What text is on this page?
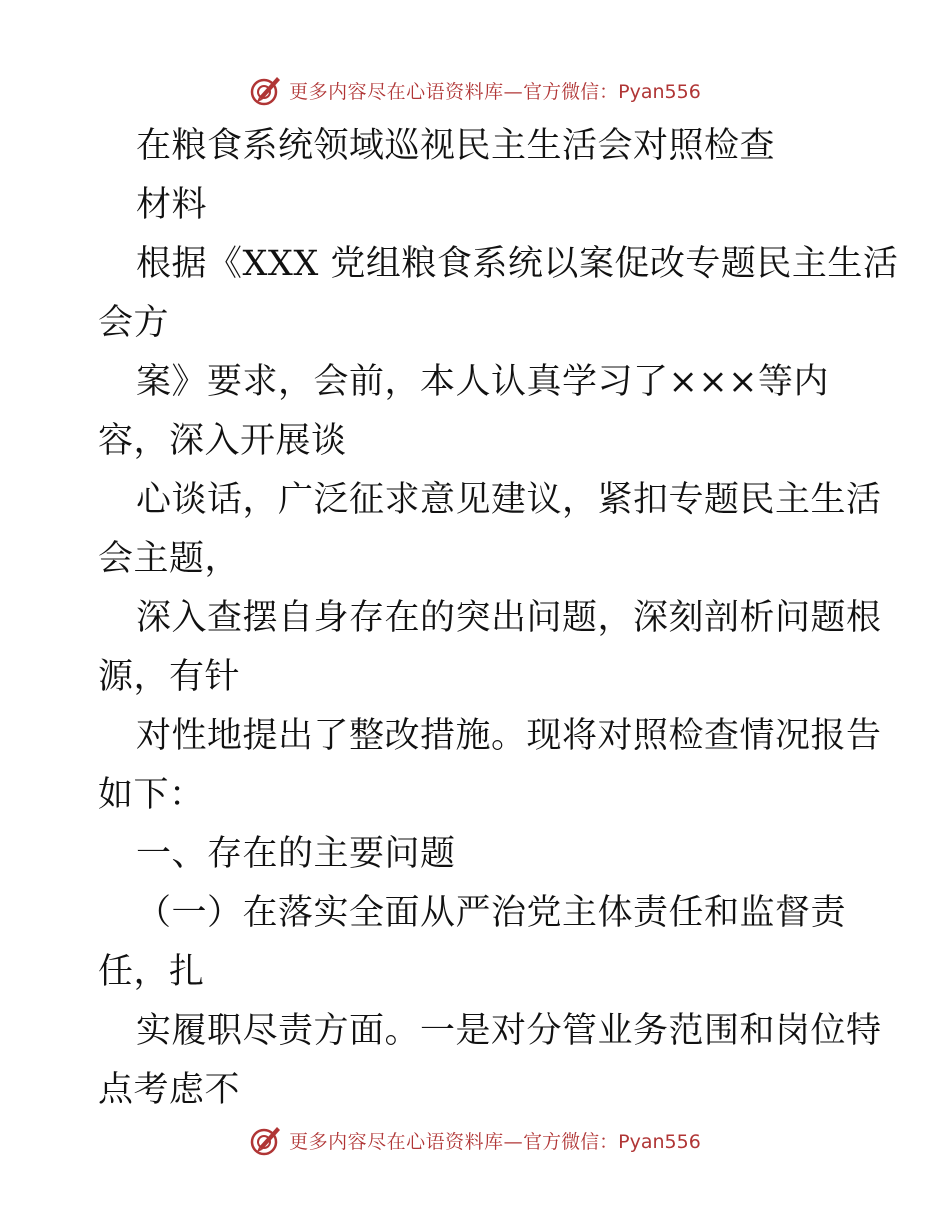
更多内容尽在心语资料库— 官方微信：Pyan556
在粮食系统领域巡视民主生活会对照检查
材料
根据《XXX 党组粮食系统以案促改专题民主生活
会方
案》要求，会前，本人认真学习了×××等内
容，深入开展谈
心谈话，广泛征求意见建议，紧扣专题民主生活
会主题，
深入查摆自身存在的突出问题，深刻剖析问题根
源，有针
对性地提出了整改措施。现将对照检查情况报告
如下：
一、存在的主要问题
（一）在落实全面从严治党主体责任和监督责
任，扎
实履职尽责方面。一是对分管业务范围和岗位特
点考虑不
更多内容尽在心语资料库— 官方微信：Pyan556
